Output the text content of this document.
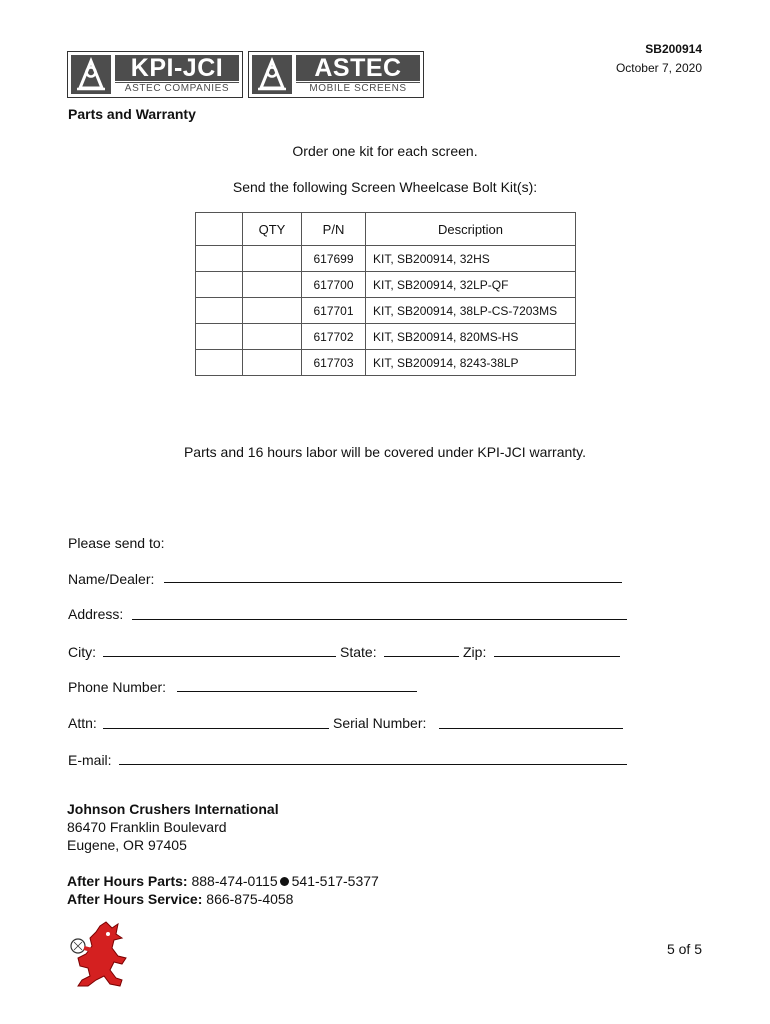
KPI-JCI
ASTEC COMPANIES
ASTEC
MOBILE SCREENS
SB200914
October 7, 2020
Parts and Warranty
Order one kit for each screen.
Send the following Screen Wheelcase Bolt Kit(s):
	QTY	P/N	Description
		617699	KIT, SB200914, 32HS
		617700	KIT, SB200914, 32LP-QF
		617701	KIT, SB200914, 38LP-CS-7203MS
		617702	KIT, SB200914, 820MS-HS
		617703	KIT, SB200914, 8243-38LP
Parts and 16 hours labor will be covered under KPI-JCI warranty.
Please send to:
Name/Dealer:
Address:
City:	State:	Zip:
Phone Number:
Attn:	Serial Number:
E-mail:
Johnson Crushers International
86470 Franklin Boulevard
Eugene, OR 97405
After Hours Parts: 888-474-0115 541-517-5377
After Hours Service: 866-875-4058
5 of 5
